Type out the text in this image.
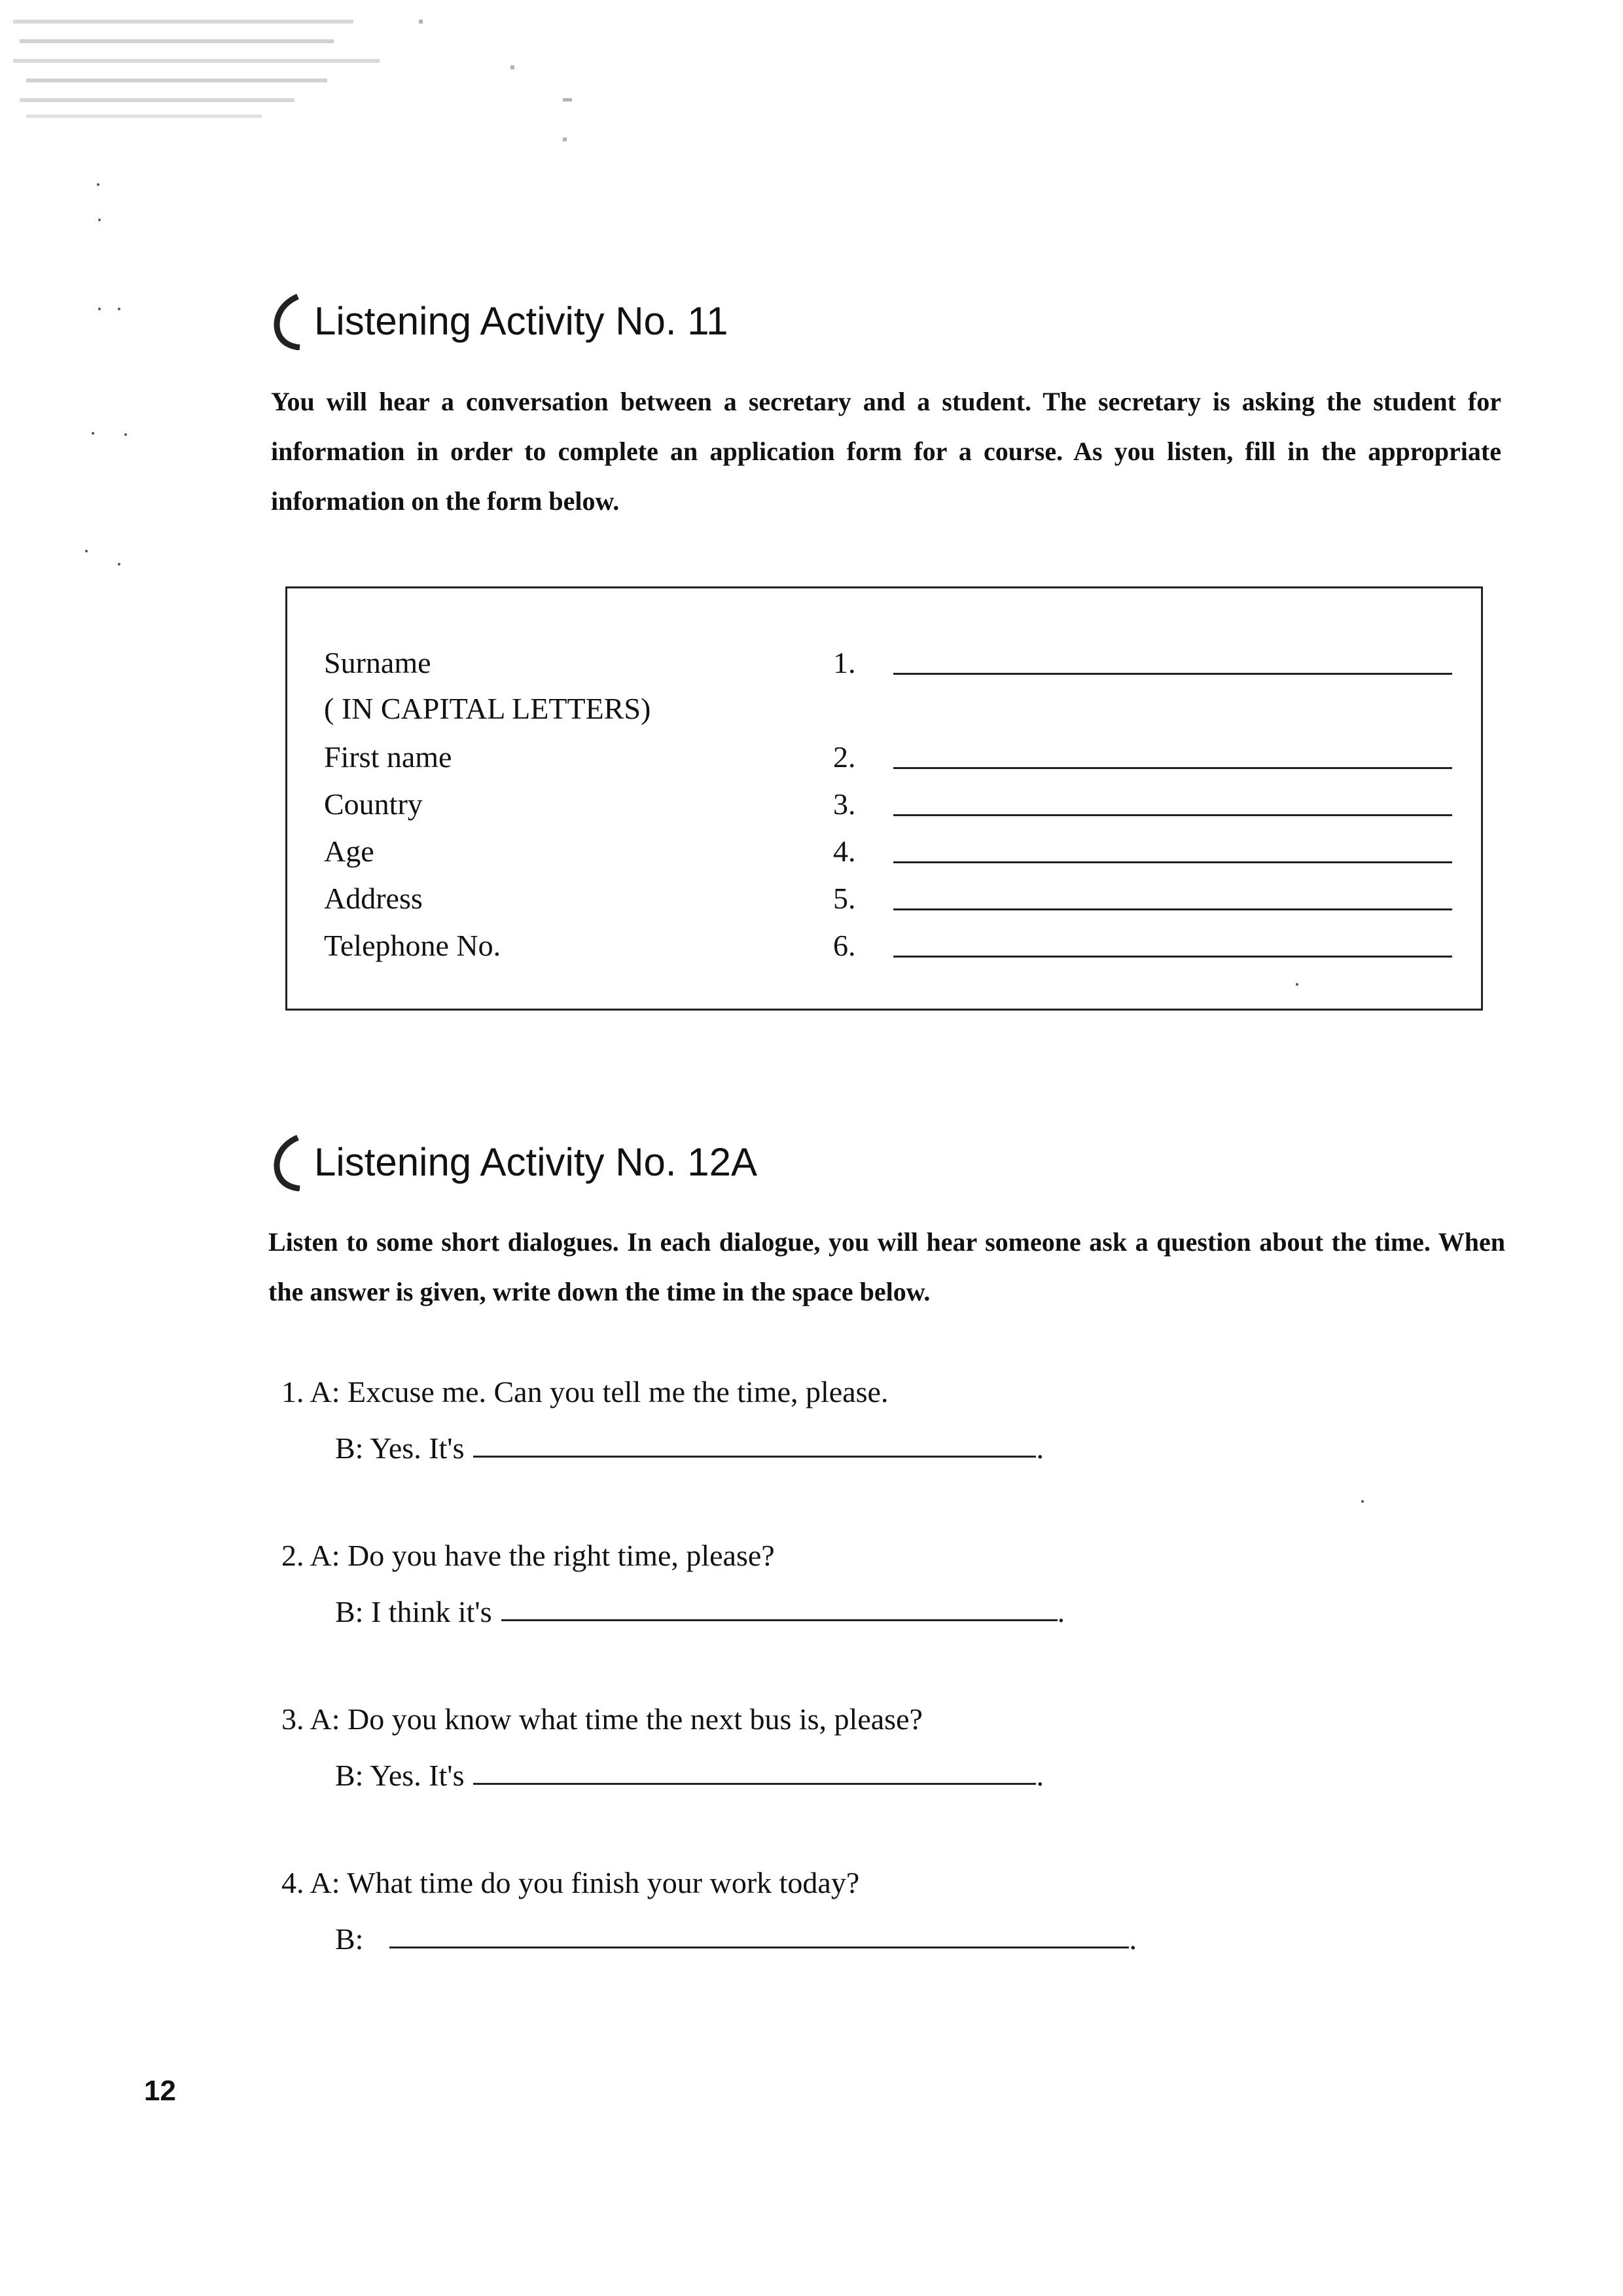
Listening Activity No. 11

You will hear a conversation between a secretary and a student. The secretary is asking the student for information in order to complete an application form for a course. As you listen, fill in the appropriate information on the form below.

Surname	1.
( IN CAPITAL LETTERS)
First name	2.
Country	3.
Age	4.
Address	5.
Telephone No.	6.
Listening Activity No. 12A

Listen to some short dialogues. In each dialogue, you will hear someone ask a question about the time. When the answer is given, write down the time in the space below.

1. A: Excuse me. Can you tell me the time, please.
B: Yes. It's	.
2. A: Do you have the right time, please?
B: I think it's	.
3. A: Do you know what time the next bus is, please?
B: Yes. It's	.
4. A: What time do you finish your work today?
B:	.
12
